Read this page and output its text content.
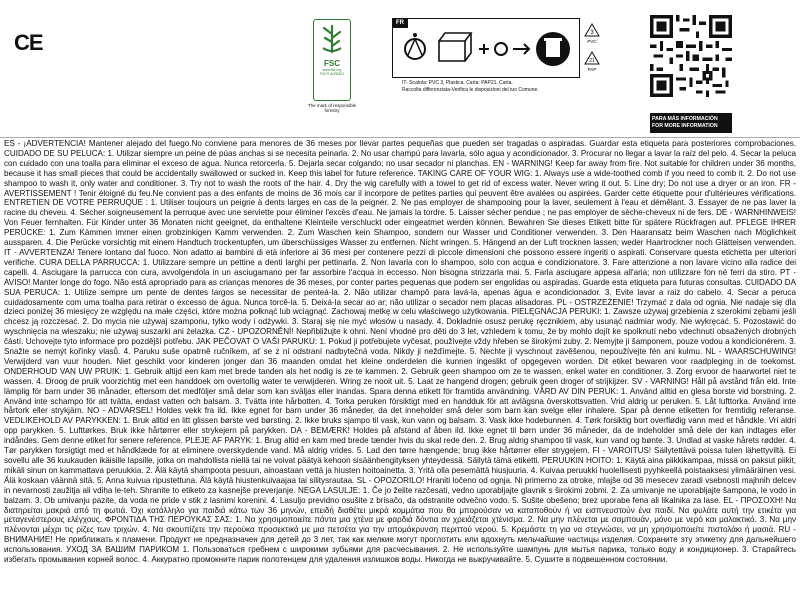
CE
FSC
www.fsc.org
FSC® A000521
The mark of responsible forestry
FR
3
PVC
21
PAP
IT- Scatola: PVC 3, Plastica. Carta: PAP21, Carta.
Raccolta differenziata-Verifica le disposizioni del tuo Comune.
PARA MÁS INFORMACIÓN
FOR MORE INFORMATION
ES - ¡ADVERTENCIA! Mantener alejado del fuego.No conviene para menores de 36 meses por llevar partes pequeñas que pueden ser tragadas o aspiradas. Guardar esta etiqueta para posteriores comprobaciones. CUIDADO DE SU PELUCA: 1. Utilizar siempre un peine de púas anchas si se necesita peinarla. 2. No usar champú para lavarla, sólo agua y acondicionador. 3. Procurar no llegar a lavar la raíz del pelo. 4. Secar la peluca con cuidado con una toalla para eliminar el exceso de agua. Nunca retorcerla. 5. Dejarla secar colgando; no usar secador ni planchas. EN - WARNING! Keep far away from fire. Not suitable for children under 36 months, because it has small pieces that could be accidentally swallowed or sucked in. Keep this label for future reference. TAKING CARE OF YOUR WIG: 1. Always use a wide-toothed comb if you need to comb it. 2. Do not use shampoo to wash it, only water and conditioner. 3. Try not to wash the roots of the hair. 4. Dry the wig carefully with a towel to get rid of excess water. Never wring it out. 5. Line dry; Do not use a dryer or an iron. FR - AVERTISSEMENT ! Tenir éloigné du feu.Ne convient pas a des enfants de moins de 36 mois car il incorpore de petites parties qui peuvent être avalées ou aspirées. Garder cette étiquette pour d'ultérieures vérifications. ENTRETIEN DE VOTRE PERRUQUE : 1. Utiliser toujours un peigne à dents larges en cas de la peigner. 2. Ne pas employer de shampooing pour la laver, seulement à l'eau et démêlant. 3. Essayer de ne pas laver la racine du cheveu. 4. Sécher soigneusement la perruque avec une serviette pour éliminer l'excès d'eau. Ne jamais la tordre. 5. Laisser sécher pendue ; ne pas employer de sèche-cheveux ni de fers. DE - WARNHINWEIS! Von Feuer fernhalten. Für Kinder unter 36 Monaten nicht geeignet, da enthaltene Kleinteile verschluckt oder eingeatmet werden können. Bewahren Sie dieses Etikett bitte für spätere Rückfragen auf. PFLEGE IHRER PERÜCKE: 1. Zum Kämmen immer einen grobzinkigen Kamm verwenden. 2. Zum Waschen kein Shampoo, sondern nur Wasser und Conditioner verwenden. 3. Den Haaransatz beim Waschen nach Möglichkeit aussparen. 4. Die Perücke vorsichtig mit einem Handtuch trockentupfen, um überschüssiges Wasser zu entfernen. Nicht wringen. 5. Hängend an der Luft trocknen lassen; weder Haartrockner noch Glätteisen verwenden. IT - AVVERTENZA! Tenere lontano dal fuoco. Non adatto ai bambini di età inferiore ai 36 mesi per contenere pezzi di piccole dimensioni che possono essere ingeriti o aspirati. Conservare questa etichetta per ulteriori verifiche. CURA DELLA PARRUCCA: 1. Utilizzare sempre un pettine a denti larghi per pettinarla. 2. Non lavarla con lo shampoo, solo con acqua e condizionatore. 3. Fare attenzione a non lavare vicino alla radice dei capelli. 4. Asciugare la parrucca con cura, avvolgendola in un asciugamano per far assorbire l'acqua in eccesso. Non bisogna strizzarla mai. 5. Farla asciugare appesa all'aria; non utilizzare fon né ferri da stiro. PT - AVISO! Manter longe do fogo. Não está apropriado para as crianças menores de 36 meses, por conter partes pequenas que podem ser engolidas ou aspiradas. Guarde esta etiqueta para futuras consultas. CUIDADO DA SUA PERUCA: 1. Utilize sempre um pente de dentes largos se necessitar de penteá-la. 2. Não utilizar champô para lavá-la, apenas água e acondicionador. 3. Evite lavar a raiz do cabelo. 4. Secar a peruca cuidadosamente com uma toalha para retirar o excesso de água. Nunca torcê-la. 5. Deixá-la secar ao ar; não utilizar o secador nem placas alisadoras. PL - OSTRZEŻENIE! Trzymać z dala od ognia. Nie nadaje się dla dzieci poniżej 36 miesięcy ze względu na małe części, które można połknąć lub wciągnąć. Zachowaj metkę w celu właściwego użytkowania. PIELĘGNACJA PERUKI: 1. Zawsze używaj grzebienia z szerokimi zębami jeśli chcesz ją rozczesać. 2. Do mycia nie używaj szamponu, tylko wody i odżywki. 3. Staraj się nie myć włosów u nasady. 4. Dokładnie osusz perukę ręcznikiem, aby usunąć nadmiar wody. Nie wykręcać. 5. Pozostawić do wyschnięcia na wieszaku; nie używaj suszarki ani żelazka. CZ - UPOZORNĚNÍ! Nepřibližujte k ohni. Není vhodné pro děti do 3 let, vzhledem k tomu, že by mohlo dojít ke spolknutí nebo vdechnutí obsažených drobných částí. Uchovejte tyto informace pro pozdější potřebu. JAK PEČOVAT O VAŠI PARUKU: 1. Pokud ji potřebujete vyčesat, používejte vždy hřeben se širokými zuby. 2. Nemyjte ji šamponem, pouze vodou a kondicionérem. 3. Snažte se nemýt kořínky vlasů. 4. Paruku suše opatrně ručníkem, ať se z ní odstraní nadbytečná voda. Nikdy ji nežďímejte. 5. Nechte ji vyschnout zavěšenou, nepoužívejte fén ani kulmu. NL - WAARSCHUWING! Verwijderd van vuur houden. Niet geschikt voor kinderen jonger dan 36 maanden omdat het kleine onderdelen die kunnen ingeslikt of opgegeven worden. Dit etiket bewaren voor raadpleging in de toekomst. ONDERHOUD VAN UW PRUIK: 1. Gebruik altijd een kam met brede tanden als het nodig is ze te kammen. 2. Gebruik geen shampoo om ze te wassen, enkel water en conditioner. 3. Zorg ervoor de haarwortel niet te wassen. 4. Droog de pruik voorzichtig met een handdoek om overtollig water te verwijderen. Wring ze nooit uit. 5. Laat ze hangend drogen; gebruik geen droger of strijkijzer. SV - VARNING! Håll på avstånd från eld. Inte lämplig för barn under 36 månader, eftersom det medföljer små delar som kan sväljas eller inandas. Spara denna etikett för framtida användning. VÅRD AV DIN PERUK: 1. Använd alltid en glesa borste vid borstning. 2. Använd inte schampo för att tvätta, endast vatten och balsam. 3. Tvätta inte hårbotten. 4. Torka peruken försiktigt med en handduk för att avlägsna överskottsvatten. Vrid aldrig ur peruken. 5. Låt lufttorka. Använd inte hårtork eller strykjärn. NO - ADVARSEL! Holdes vekk fra ild. Ikke egnet for barn under 36 måneder, da det inneholder små deler som barn kan svelge eller inhalere. Spar på denne etiketten for fremtidig referanse. VEDLIKEHOLD AV PARYKKEN: 1. Bruk alltid en litt glissen børste ved børsting. 2. Ikke bruks sjampo til vask, kun vann og balsam. 3. Vask ikke hodebunnen. 4. Tørk forsiktig bort overflødig vann med et håndkle. Vri aldri opp parykken. 5. Lufttørkes. Bruk ikke hårtørrer eller strykejern på parykken. DA - BEMÆRK! Holdes på afstand af åben ild. Ikke egnet til børn under 36 måneder, da de indeholder små dele der kan indtages eller indåndes. Gem denne etiket for senere reference. PLEJE AF PARYK: 1. Brug altid en kam med brede tænder hvis du skal rede den. 2. Brug aldrig shampoo til vask, kun vand og bønte. 3. Undlad at vaske hårets rødder. 4. Tør parykken forsigtigt med et håndklæde for at eliminere overskydende vand. Må aldrig vrides. 5. Lad den tørre hængende; brug ikke hårtørrer eller strygejern. FI - VAROITUS! Säilytettävä poissa tulen lähettyviltä. Ei sovellu alle 36 kuukauden ikäisille lapsille, jotka on mahdollista niellä tai ne voivat päätyä kehoon sisäänhengityksen yhteydessä. Säilytä tämä etiketti. PERUUKIN HOITO: 1. Käytä aina piikkikampaa, missä on paksut piikit, mikäli sinun on kammattava peruukkia. 2. Älä käytä shampoota pesuun, ainoastaan vettä ja hiusten hoitoainetta. 3. Yritä olla pesemättä hiusjuuria. 4. Kuivaa peruukki huolellisesti pyyhkeellä poistaaksesi ylimääräinen vesi. Älä koskaan väännä sitä. 5. Anna kuivua ripustettuna. Älä käytä hiustenkuivaajaa tai silitysrautaa. SL - OPOZORILO! Hraniti ločeno od ognja. Ni primerno za otroke, mlajše od 36 mesecev zaradi vsebnosti majhnih delcev in nevarnosti zaužitja ali vdiha le-teh. Shranite to etiketo za kasnejše preverjanje. NEGA LASULJE: 1. Če jo želite razčesati, vedno uporabljajte glavnik s širokimi zobmi. 2. Za umivanje ne uporabljajte šampona, le vodo in balzam. 3. Ob umivanju pazite, da voda ne pride v stik z lasnimi korenini. 4. Lasuljo previdno osušite z brisačo, da odstranite odvečno vodo. 5. Sušite obešeno; brez uporabe fena ali likalnika za lase. EL - ΠΡΟΣΟΧΗ! Να διατηρείται μακριά από τη φωτιά. Όχι κατάλληλο για παιδιά κάτω των 36 μηνών, επειδή διαθέτει μικρά κομμάτια που θα μπορούσαν να καταποθούν ή να εισπνευστούν ένα παιδί. Να φυλάτε αυτή την ετικέτα για μεταγενέστερους ελέγχους. ΦΡΟΝΤΙΔΑ ΤΗΣ ΠΕΡΟΥΚΑΣ ΣΑΣ: 1. Να χρησιμοποιείτε πάντα μια χτένα με φαρδιά δόντια αν χρειάζεται χτένισμα. 2. Να μην πλένεται με σαμπουάν, μόνο με νερό και μαλακτικό. 3. Να μην πλένονται μέχρι τις ρίζες των τριχών. 4. Να σκουπίζετε την περούκα προσεκτικά με μια πετσέτα για την απομάκρυνση περιττού νερού. 5. Κρεμάστε τη για να στεγνώσει, να μη χρησιμοποιείτε πιστολάκι ή μασιά. RU - ВНИМАНИЕ! Не приближать к пламени. Продукт не предназначен для детей до 3 лет, так как мелкие могут проглотить или вдохнуть мельчайшие частицы изделия. Сохраните эту этикетку для дальнейшего использования. УХОД ЗА ВАШИМ ПАРИКОМ 1. Пользоваться гребнем с широкими зубьями для расчесывания. 2. Не используйте шампунь для мытья парика, только воду и кондиционер. 3. Старайтесь избегать промывания корней волос. 4. Аккуратно промокните парик полотенцем для удаления излишков воды. Никогда не выкручивайте. 5. Сушите в подвешенном состоянии.
